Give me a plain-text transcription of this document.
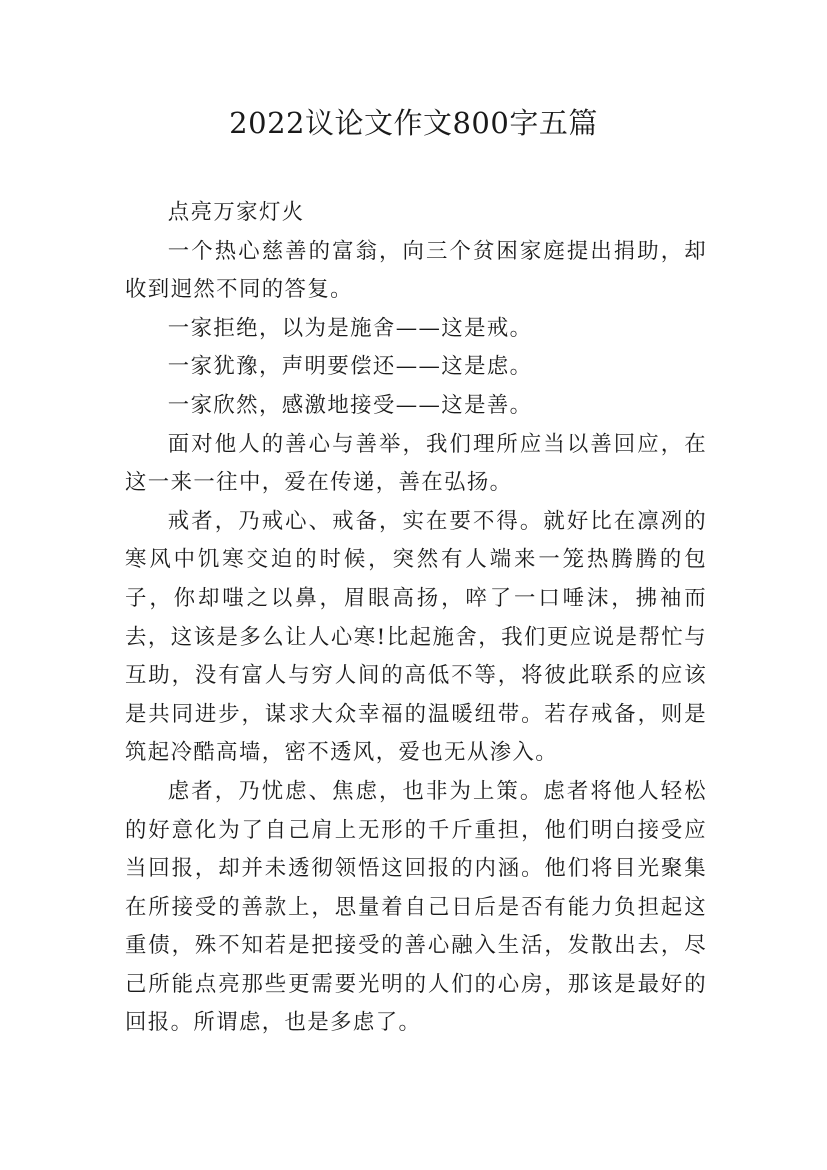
2022议论文作文800字五篇

点亮万家灯火

一个热心慈善的富翁，向三个贫困家庭提出捐助，却收到迥然不同的答复。

一家拒绝，以为是施舍——这是戒。

一家犹豫，声明要偿还——这是虑。

一家欣然，感激地接受——这是善。

面对他人的善心与善举，我们理所应当以善回应，在这一来一往中，爱在传递，善在弘扬。

戒者，乃戒心、戒备，实在要不得。就好比在凛冽的寒风中饥寒交迫的时候，突然有人端来一笼热腾腾的包子，你却嗤之以鼻，眉眼高扬，啐了一口唾沫，拂袖而去，这该是多么让人心寒!比起施舍，我们更应说是帮忙与互助，没有富人与穷人间的高低不等，将彼此联系的应该是共同进步，谋求大众幸福的温暖纽带。若存戒备，则是筑起冷酷高墙，密不透风，爱也无从渗入。

虑者，乃忧虑、焦虑，也非为上策。虑者将他人轻松的好意化为了自己肩上无形的千斤重担，他们明白接受应当回报，却并未透彻领悟这回报的内涵。他们将目光聚集在所接受的善款上，思量着自己日后是否有能力负担起这重债，殊不知若是把接受的善心融入生活，发散出去，尽己所能点亮那些更需要光明的人们的心房，那该是最好的回报。所谓虑，也是多虑了。
